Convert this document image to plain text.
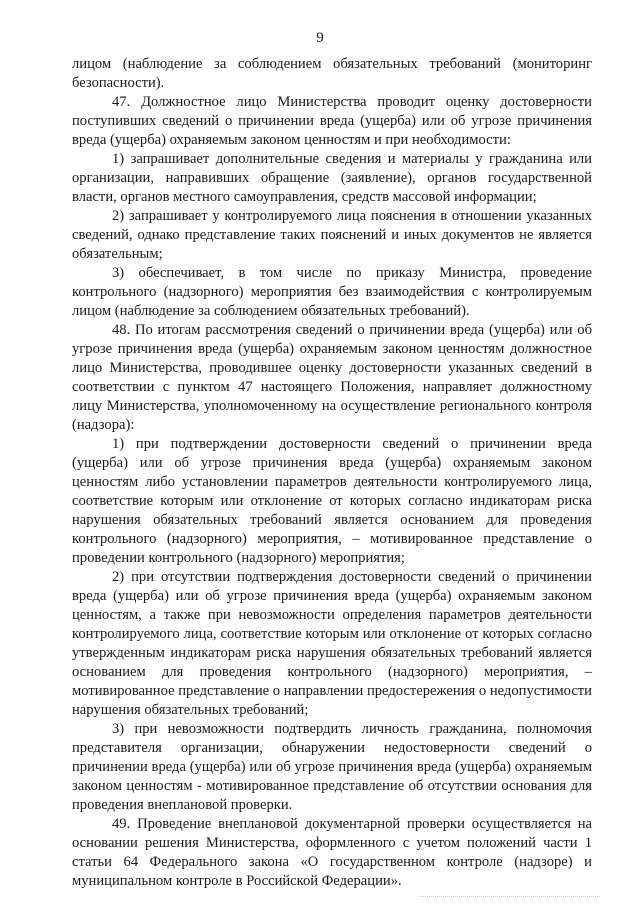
9

лицом (наблюдение за соблюдением обязательных требований (мониторинг безопасности).

47. Должностное лицо Министерства проводит оценку достоверности поступивших сведений о причинении вреда (ущерба) или об угрозе причинения вреда (ущерба) охраняемым законом ценностям и при необходимости:

1) запрашивает дополнительные сведения и материалы у гражданина или организации, направивших обращение (заявление), органов государственной власти, органов местного самоуправления, средств массовой информации;

2) запрашивает у контролируемого лица пояснения в отношении указанных сведений, однако представление таких пояснений и иных документов не является обязательным;

3) обеспечивает, в том числе по приказу Министра, проведение контрольного (надзорного) мероприятия без взаимодействия с контролируемым лицом (наблюдение за соблюдением обязательных требований).

48. По итогам рассмотрения сведений о причинении вреда (ущерба) или об угрозе причинения вреда (ущерба) охраняемым законом ценностям должностное лицо Министерства, проводившее оценку достоверности указанных сведений в соответствии с пунктом 47 настоящего Положения, направляет должностному лицу Министерства, уполномоченному на осуществление регионального контроля (надзора):

1) при подтверждении достоверности сведений о причинении вреда (ущерба) или об угрозе причинения вреда (ущерба) охраняемым законом ценностям либо установлении параметров деятельности контролируемого лица, соответствие которым или отклонение от которых согласно индикаторам риска нарушения обязательных требований является основанием для проведения контрольного (надзорного) мероприятия, – мотивированное представление о проведении контрольного (надзорного) мероприятия;

2) при отсутствии подтверждения достоверности сведений о причинении вреда (ущерба) или об угрозе причинения вреда (ущерба) охраняемым законом ценностям, а также при невозможности определения параметров деятельности контролируемого лица, соответствие которым или отклонение от которых согласно утвержденным индикаторам риска нарушения обязательных требований является основанием для проведения контрольного (надзорного) мероприятия, – мотивированное представление о направлении предостережения о недопустимости нарушения обязательных требований;

3) при невозможности подтвердить личность гражданина, полномочия представителя организации, обнаружении недостоверности сведений о причинении вреда (ущерба) или об угрозе причинения вреда (ущерба) охраняемым законом ценностям - мотивированное представление об отсутствии основания для проведения внеплановой проверки.

49. Проведение внеплановой документарной проверки осуществляется на основании решения Министерства, оформленного с учетом положений части 1 статьи 64 Федерального закона «О государственном контроле (надзоре) и муниципальном контроле в Российской Федерации».
